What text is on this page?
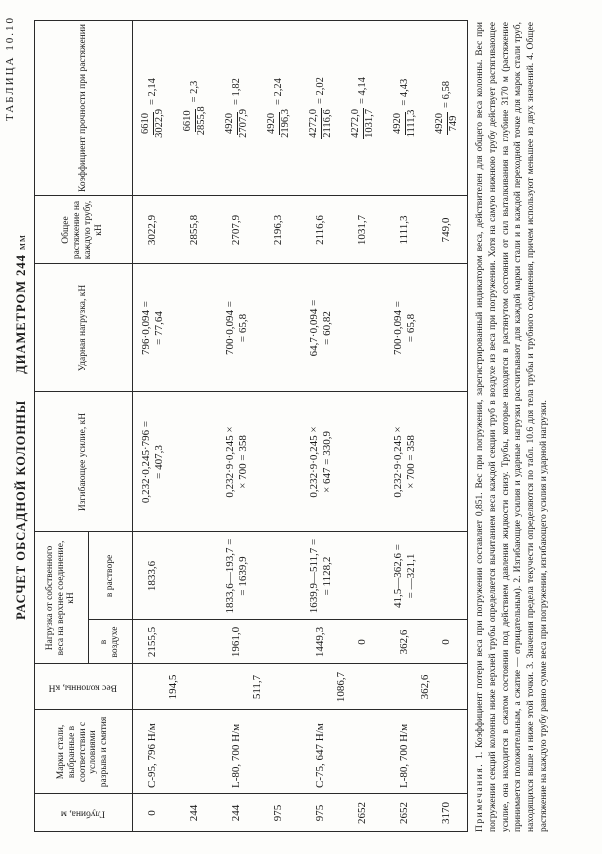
ТАБЛИЦА 10.10
РАСЧЕТ ОБСАДНОЙ КОЛОННЫДИАМЕТРОМ 244мм
Глубина, м
Марки стали, выбранные в соответствии с условиями разрыва и смятия
Вес колонны, кН
Нагрузка от собственного веса на верхнее соединение, кН
в воздухе
в растворе
Изгибающее усилие, кН
Ударная нагрузка, кН
Общее растяжение на каждую трубу, кН
Коэффициент прочности при растяжении
0
С-95, 796 Н/м
2155,5
1833,6
0,232·0,245·796 =
= 407,3
796·0,094 =
= 77,64
3022,9
6610 3022,9
= 2,14
244
194,5
2855,8
6610 2855,8
= 2,3
244
L-80, 700 Н/м
1961,0
1833,6—193,7 =
= 1639,9
0,232·9·0,245 ×
× 700 = 358
700·0,094 =
= 65,8
2707,9
4920 2707,9
= 1,82
975
511,7
2196,3
4920 2196,3
= 2,24
975
С-75, 647 Н/м
1449,3
1639,9—511,7 =
= 1128,2
0,232·9·0,245 ×
× 647 = 330,9
64,7·0,094 =
= 60,82
2116,6
4272,0 2116,6
= 2,02
2652
1086,7
0
1031,7
4272,0 1031,7
= 4,14
2652
L-80, 700 Н/м
362,6
41,5—362,6 =
= —321,1
0,232·9·0,245 ×
× 700 = 358
700·0,094 =
= 65,8
1111,3
4920 1111,3
= 4,43
3170
362,6
0
749,0
4920 749
= 6,58
Примечания. 1. Коэффициент потери веса при погружении составляет 0,851. Вес при погружении, зарегистрированный индикатором веса, действителен для общего веса колонны. Вес при погружении секций колонны ниже верхней трубы определяется вычитанием веса каждой секции труб в воздухе из веса при погружении. Хотя на самую нижнюю трубу действует растягивающее усилие, она находится в сжатом состоянии под действием давления жидкости снизу. Трубы, которые находятся в растянутом состоянии от сил выталкивания на глубине 3170 м (растяжение принимается положительным, а сжатие — отрицательным). 2. Изгибающие усилия и ударные нагрузки рассчитывают для каждой марки стали и в каждой переходной точке для марок стали труб, находящихся выше и ниже этой точки. 3. Значения предела текучести определяются по табл. 10.6 для тела трубы и трубного соединения, причем используют меньшее из двух значений. 4. Общее растяжение на каждую трубу равно сумме веса при погружении, изгибающего усилия и ударной нагрузки.
